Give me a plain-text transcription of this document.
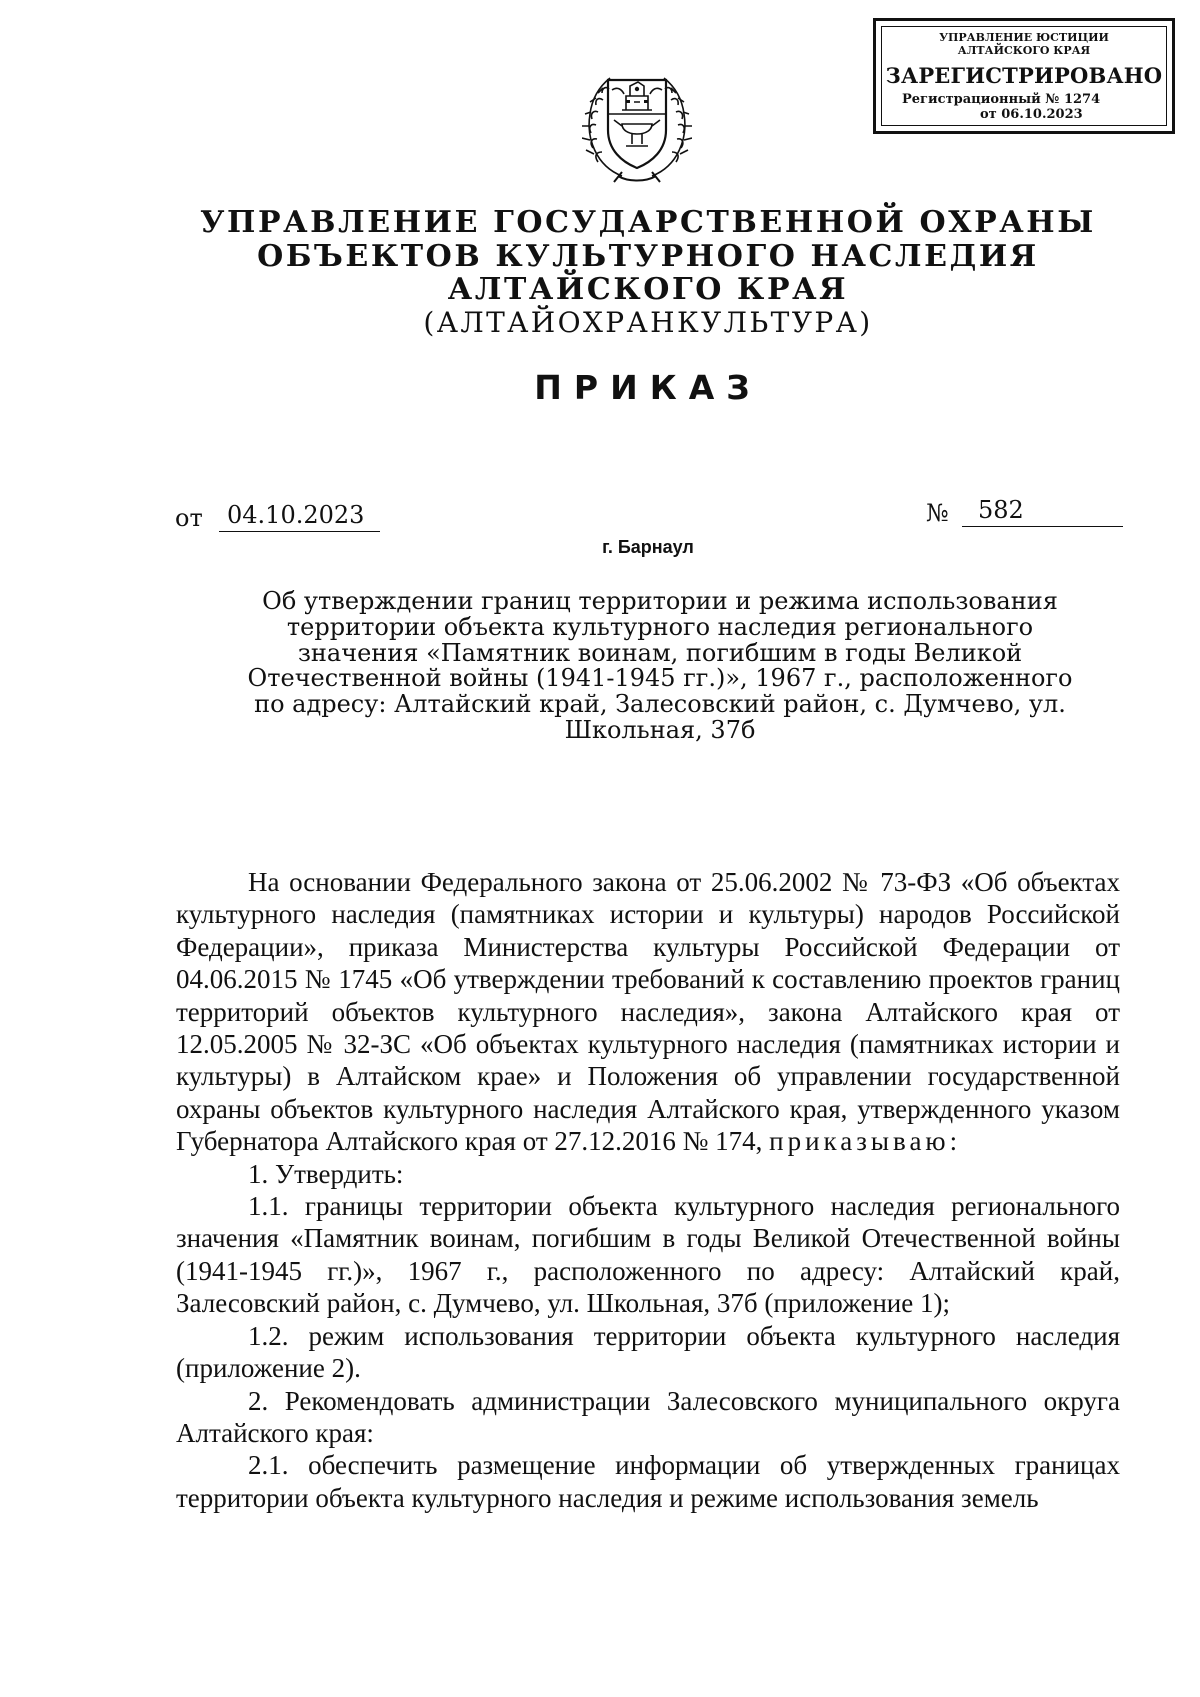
УПРАВЛЕНИЕ ЮСТИЦИИ
АЛТАЙСКОГО КРАЯ
ЗАРЕГИСТРИРОВАНО
Регистрационный № 1274
от 06.10.2023
УПРАВЛЕНИЕ ГОСУДАРСТВЕННОЙ ОХРАНЫ
ОБЪЕКТОВ КУЛЬТУРНОГО НАСЛЕДИЯ
АЛТАЙСКОГО КРАЯ
(АЛТАЙОХРАНКУЛЬТУРА)
ПРИКАЗ
от	04.10.2023	№	582
г. Барнаул
Об утверждении границ территории и режима использования территории объекта культурного наследия регионального значения «Памятник воинам, погибшим в годы Великой Отечественной войны (1941-1945 гг.)», 1967 г., расположенного по адресу: Алтайский край, Залесовский район, с. Думчево, ул. Школьная, 37б

На основании Федерального закона от 25.06.2002 № 73-ФЗ «Об объектах культурного наследия (памятниках истории и культуры) народов Российской Федерации», приказа Министерства культуры Российской Федерации от 04.06.2015 № 1745 «Об утверждении требований к составлению проектов границ территорий объектов культурного наследия», закона Алтайского края от 12.05.2005 № 32-ЗС «Об объектах культурного наследия (памятниках истории и культуры) в Алтайском крае» и Положения об управлении государственной охраны объектов культурного наследия Алтайского края, утвержденного указом Губернатора Алтайского края от 27.12.2016 № 174, приказываю:

1. Утвердить:

1.1. границы территории объекта культурного наследия регионального значения «Памятник воинам, погибшим в годы Великой Отечественной войны (1941-1945 гг.)», 1967 г., расположенного по адресу: Алтайский край, Залесовский район, с. Думчево, ул. Школьная, 37б (приложение 1);

1.2. режим использования территории объекта культурного наследия (приложение 2).

2. Рекомендовать администрации Залесовского муниципального округа Алтайского края:

2.1. обеспечить размещение информации об утвержденных границах территории объекта культурного наследия и режиме использования земель
